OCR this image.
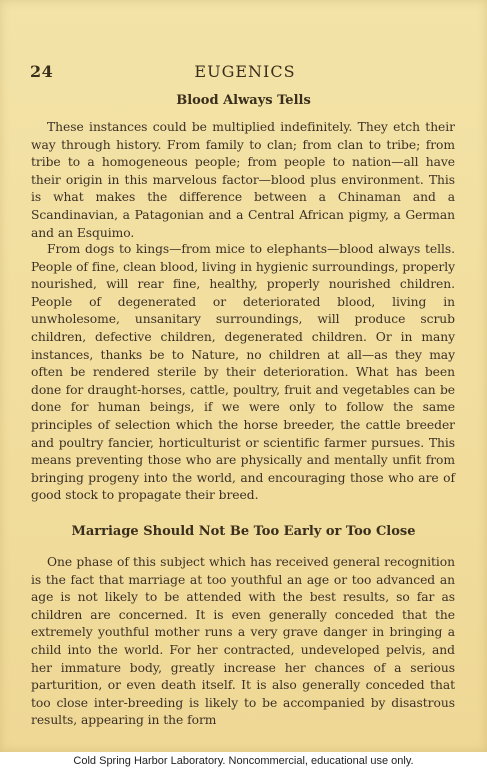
24	EUGENICS
Blood Always Tells

These instances could be multiplied indefinitely. They etch their way through history. From family to clan; from clan to tribe; from tribe to a homogeneous people; from people to nation—all have their origin in this marvelous factor—blood plus environment. This is what makes the difference between a Chinaman and a Scandinavian, a Patagonian and a Central African pigmy, a German and an Esquimo.

From dogs to kings—from mice to elephants—blood always tells. People of fine, clean blood, living in hygienic surroundings, properly nourished, will rear fine, healthy, properly nourished children. People of degenerated or deteriorated blood, living in unwholesome, unsanitary surroundings, will produce scrub children, defective children, degenerated children. Or in many instances, thanks be to Nature, no children at all—as they may often be rendered sterile by their deterioration. What has been done for draught-horses, cattle, poultry, fruit and vegetables can be done for human beings, if we were only to follow the same principles of selection which the horse breeder, the cattle breeder and poultry fancier, horticulturist or scientific farmer pursues. This means preventing those who are physically and mentally unfit from bringing progeny into the world, and encouraging those who are of good stock to propagate their breed.

Marriage Should Not Be Too Early or Too Close

One phase of this subject which has received general recognition is the fact that marriage at too youthful an age or too advanced an age is not likely to be attended with the best results, so far as children are concerned. It is even generally conceded that the extremely youthful mother runs a very grave danger in bringing a child into the world. For her contracted, undeveloped pelvis, and her immature body, greatly increase her chances of a serious parturition, or even death itself. It is also generally conceded that too close inter-breeding is likely to be accompanied by disastrous results, appearing in the form

Cold Spring Harbor Laboratory. Noncommercial, educational use only.
